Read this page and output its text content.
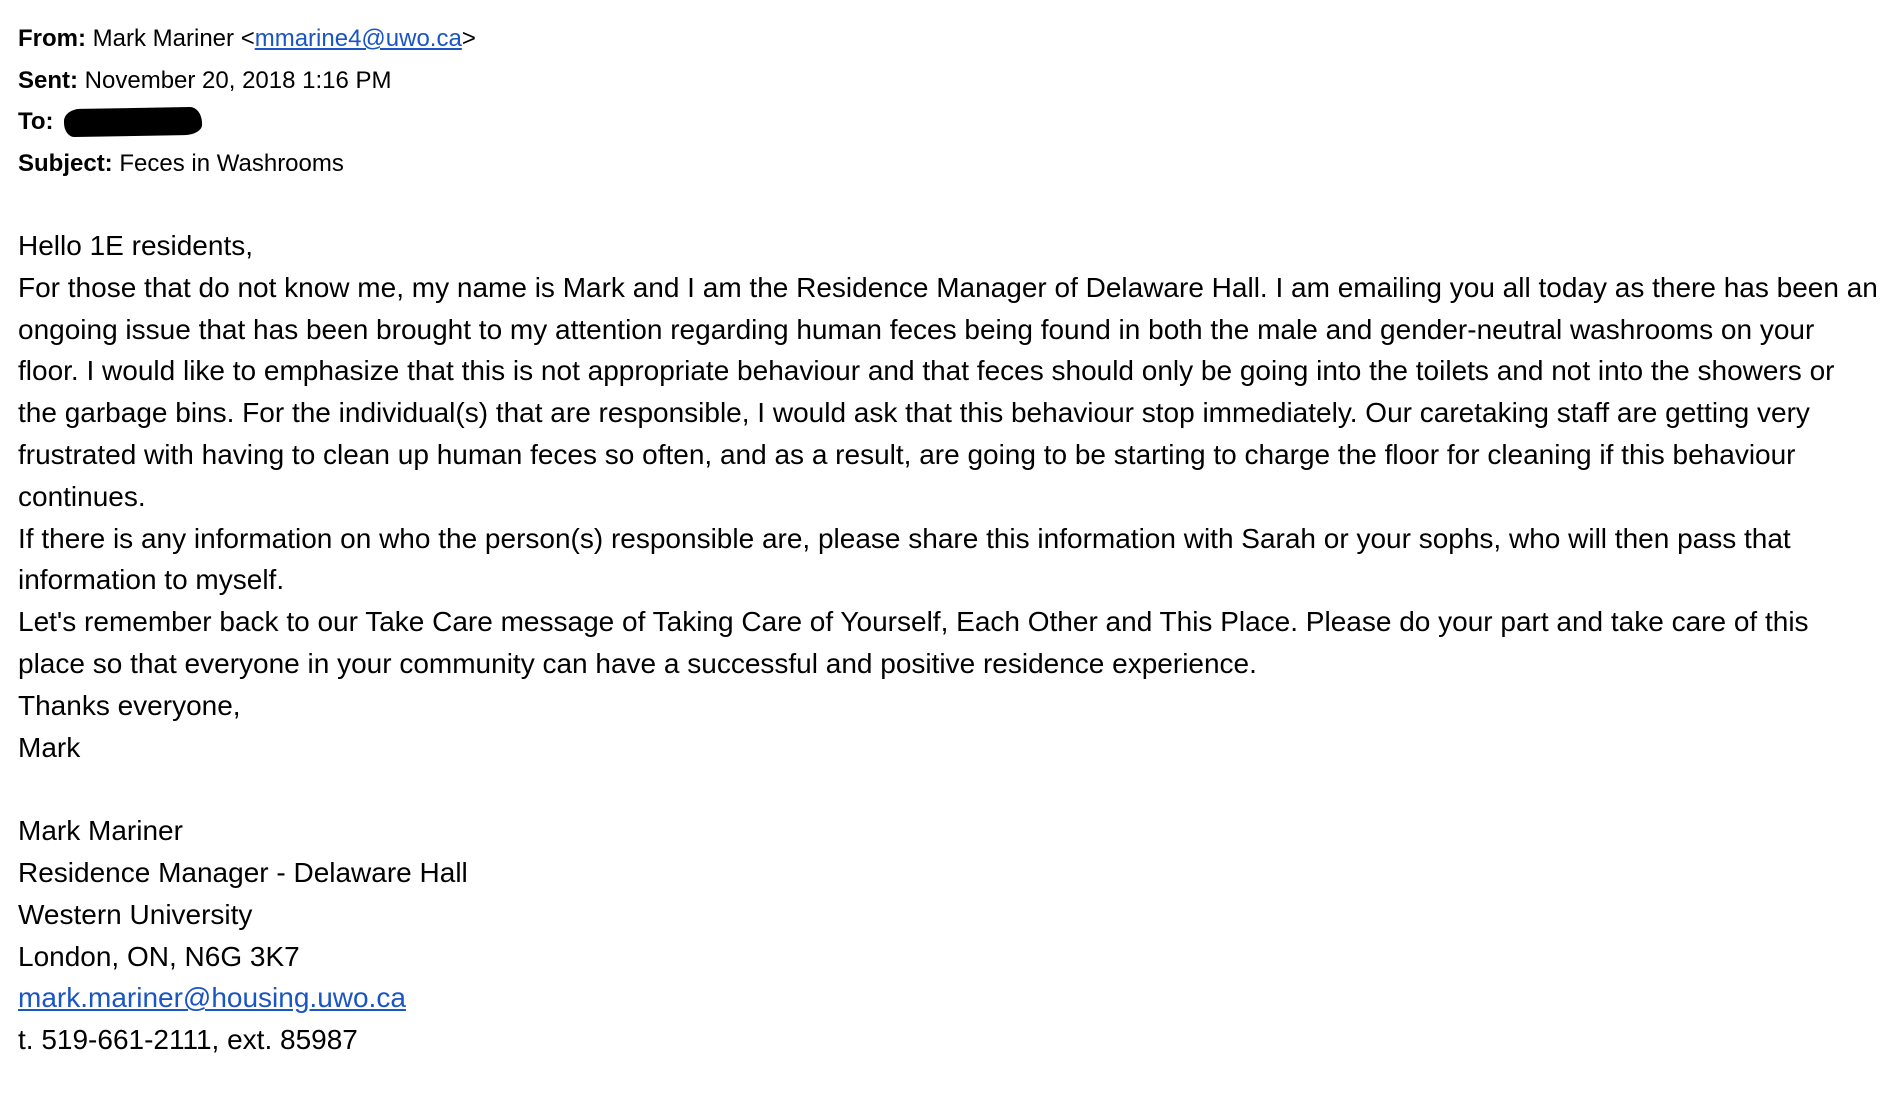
From: Mark Mariner <mmarine4@uwo.ca>
Sent: November 20, 2018 1:16 PM
To:
Subject: Feces in Washrooms

Hello 1E residents,

For those that do not know me, my name is Mark and I am the Residence Manager of Delaware Hall. I am emailing you all today as there has been an ongoing issue that has been brought to my attention regarding human feces being found in both the male and gender-neutral washrooms on your floor. I would like to emphasize that this is not appropriate behaviour and that feces should only be going into the toilets and not into the showers or the garbage bins. For the individual(s) that are responsible, I would ask that this behaviour stop immediately. Our caretaking staff are getting very frustrated with having to clean up human feces so often, and as a result, are going to be starting to charge the floor for cleaning if this behaviour continues.

If there is any information on who the person(s) responsible are, please share this information with Sarah or your sophs, who will then pass that information to myself.

Let's remember back to our Take Care message of Taking Care of Yourself, Each Other and This Place. Please do your part and take care of this place so that everyone in your community can have a successful and positive residence experience.

Thanks everyone,

Mark

Mark Mariner

Residence Manager - Delaware Hall

Western University

London, ON, N6G 3K7

mark.mariner@housing.uwo.ca

t. 519-661-2111, ext. 85987
